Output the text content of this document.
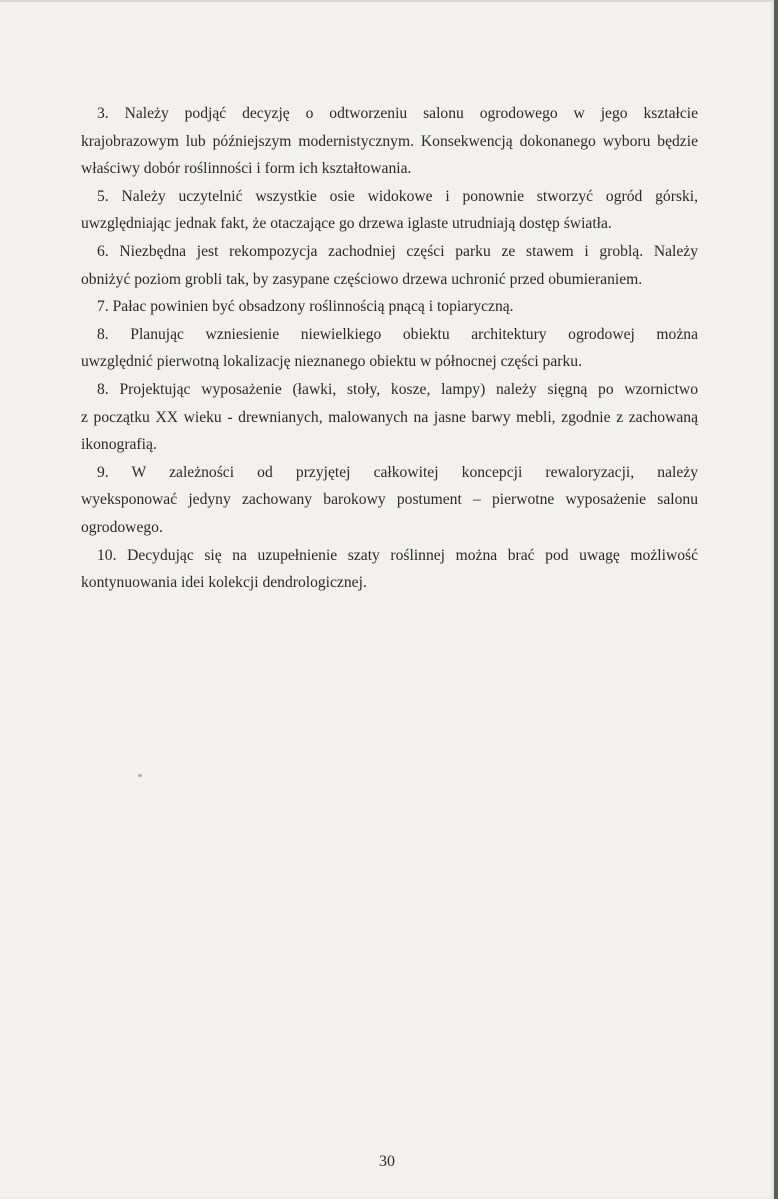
3. Należy podjąć decyzję o odtworzeniu salonu ogrodowego w jego kształcie
krajobrazowym lub późniejszym modernistycznym. Konsekwencją dokonanego wyboru będzie właściwy dobór roślinności i form ich kształtowania.

5. Należy uczytelnić wszystkie osie widokowe i ponownie stworzyć ogród górski,
uwzględniając jednak fakt, że otaczające go drzewa iglaste utrudniają dostęp światła.

6. Niezbędna jest rekompozycja zachodniej części parku ze stawem i groblą. Należy
obniżyć poziom grobli tak, by zasypane częściowo drzewa uchronić przed obumieraniem.

7. Pałac powinien być obsadzony roślinnością pnącą i topiaryczną.

8. Planując wzniesienie niewielkiego obiektu architektury ogrodowej można
uwzględnić pierwotną lokalizację nieznanego obiektu w północnej części parku.

8. Projektując wyposażenie (ławki, stoły, kosze, lampy) należy sięgną po wzornictwo
z początku XX wieku - drewnianych, malowanych na jasne barwy mebli, zgodnie z zachowaną ikonografią.

9. W zależności od przyjętej całkowitej koncepcji rewaloryzacji, należy
wyeksponować jedyny zachowany barokowy postument – pierwotne wyposażenie salonu ogrodowego.

10. Decydując się na uzupełnienie szaty roślinnej można brać pod uwagę możliwość
kontynuowania idei kolekcji dendrologicznej.

30
